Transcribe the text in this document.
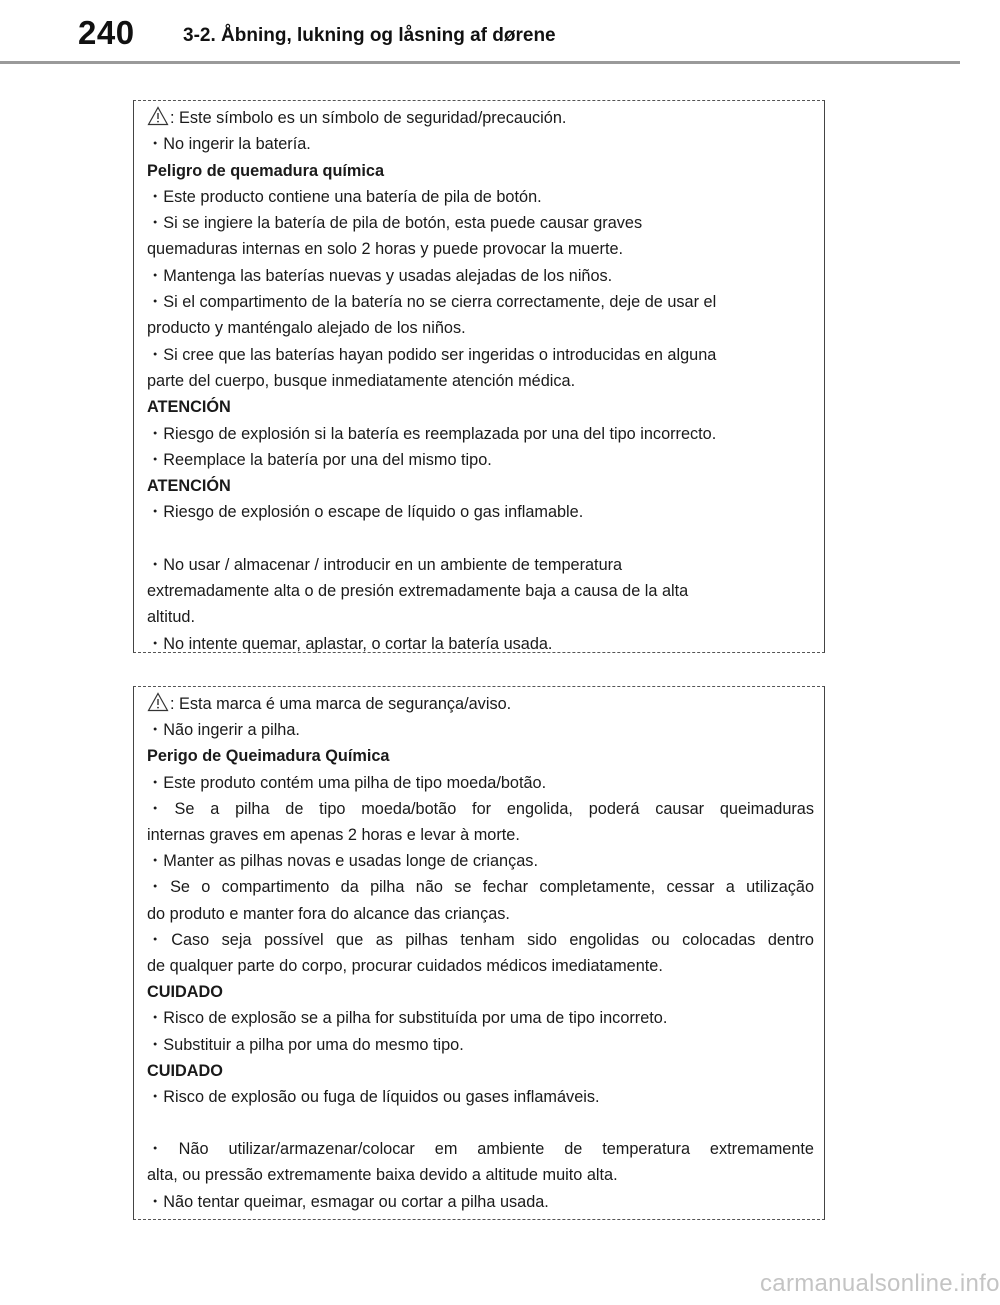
240	3-2. Åbning, lukning og låsning af dørene
: Este símbolo es un símbolo de seguridad/precaución.
・No ingerir la batería.
Peligro de quemadura química
・Este producto contiene una batería de pila de botón.
・Si se ingiere la batería de pila de botón, esta puede causar graves
quemaduras internas en solo 2 horas y puede provocar la muerte.
・Mantenga las baterías nuevas y usadas alejadas de los niños.
・Si el compartimento de la batería no se cierra correctamente, deje de usar el
producto y manténgalo alejado de los niños.
・Si cree que las baterías hayan podido ser ingeridas o introducidas en alguna
parte del cuerpo, busque inmediatamente atención médica.
ATENCIÓN
・Riesgo de explosión si la batería es reemplazada por una del tipo incorrecto.
・Reemplace la batería por una del mismo tipo.
ATENCIÓN
・Riesgo de explosión o escape de líquido o gas inflamable.
・No usar / almacenar / introducir en un ambiente de temperatura
extremadamente alta o de presión extremadamente baja a causa de la alta
altitud.
・No intente quemar, aplastar, o cortar la batería usada.
: Esta marca é uma marca de segurança/aviso.
・Não ingerir a pilha.
Perigo de Queimadura Química
・Este produto contém uma pilha de tipo moeda/botão.
・Se a pilha de tipo moeda/botão for engolida, poderá causar queimaduras
internas graves em apenas 2 horas e levar à morte.
・Manter as pilhas novas e usadas longe de crianças.
・Se o compartimento da pilha não se fechar completamente, cessar a utilização
do produto e manter fora do alcance das crianças.
・Caso seja possível que as pilhas tenham sido engolidas ou colocadas dentro
de qualquer parte do corpo, procurar cuidados médicos imediatamente.
CUIDADO
・Risco de explosão se a pilha for substituída por uma de tipo incorreto.
・Substituir a pilha por uma do mesmo tipo.
CUIDADO
・Risco de explosão ou fuga de líquidos ou gases inflamáveis.
・Não utilizar/armazenar/colocar em ambiente de temperatura extremamente
alta, ou pressão extremamente baixa devido a altitude muito alta.
・Não tentar queimar, esmagar ou cortar a pilha usada.
carmanualsonline.info
